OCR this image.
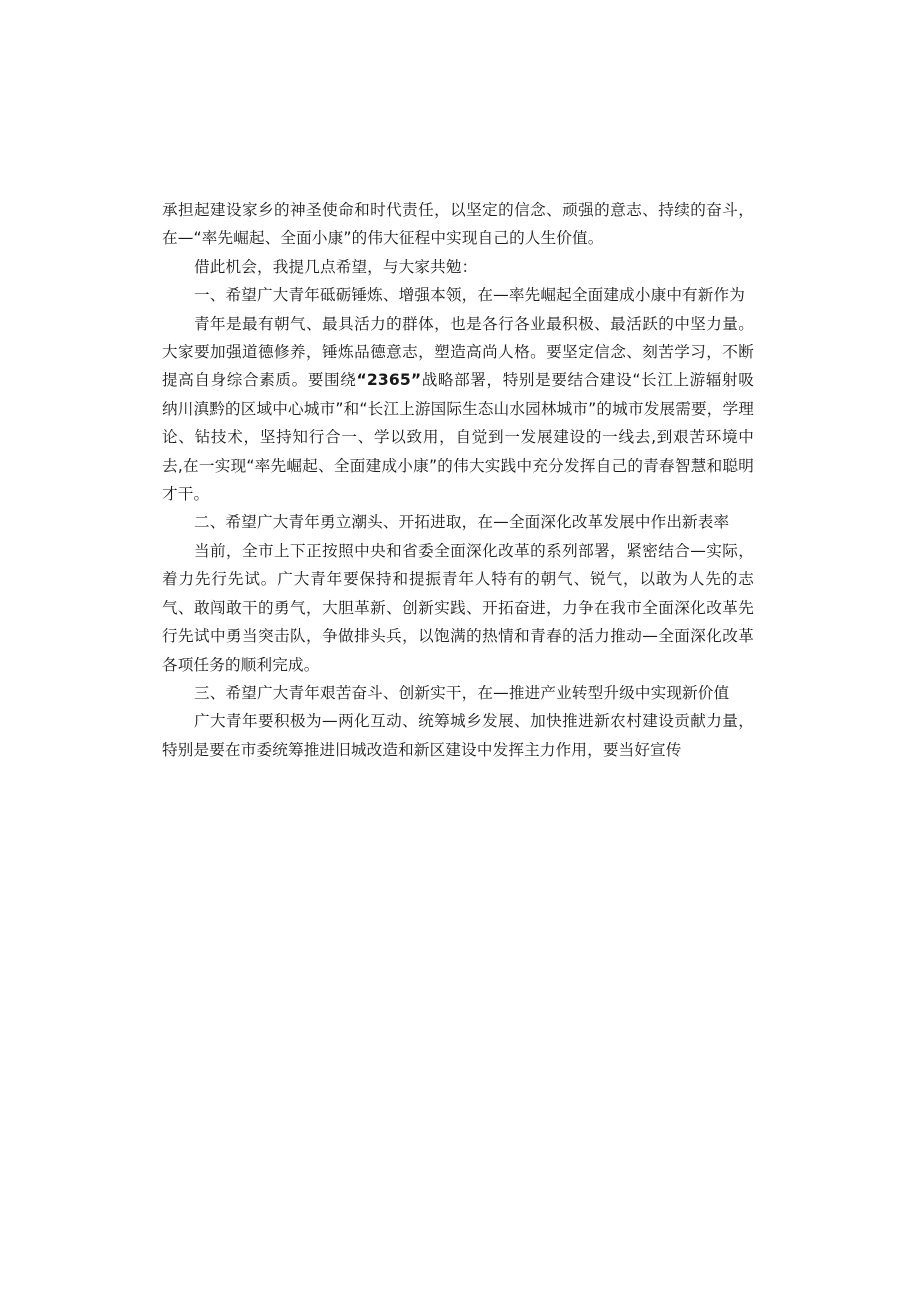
承担起建设家乡的神圣使命和时代责任，以坚定的信念、顽强的意志、持续的奋斗，在—“率先崛起、全面小康”的伟大征程中实现自己的人生价值。

借此机会，我提几点希望，与大家共勉：

一、希望广大青年砥砺锤炼、增强本领，在—率先崛起全面建成小康中有新作为

青年是最有朝气、最具活力的群体，也是各行各业最积极、最活跃的中坚力量。大家要加强道德修养，锤炼品德意志，塑造高尚人格。要坚定信念、刻苦学习，不断提高自身综合素质。要围绕“2365”战略部署，特别是要结合建设“长江上游辐射吸纳川滇黔的区域中心城市”和“长江上游国际生态山水园林城市”的城市发展需要，学理论、钻技术，坚持知行合一、学以致用，自觉到一发展建设的一线去,到艰苦环境中去,在一实现“率先崛起、全面建成小康”的伟大实践中充分发挥自己的青春智慧和聪明才干。

二、希望广大青年勇立潮头、开拓进取，在—全面深化改革发展中作出新表率

当前，全市上下正按照中央和省委全面深化改革的系列部署，紧密结合—实际，着力先行先试。广大青年要保持和提振青年人特有的朝气、锐气，以敢为人先的志气、敢闯敢干的勇气，大胆革新、创新实践、开拓奋进，力争在我市全面深化改革先行先试中勇当突击队，争做排头兵，以饱满的热情和青春的活力推动—全面深化改革各项任务的顺利完成。

三、希望广大青年艰苦奋斗、创新实干，在—推进产业转型升级中实现新价值

广大青年要积极为—两化互动、统筹城乡发展、加快推进新农村建设贡献力量，特别是要在市委统筹推进旧城改造和新区建设中发挥主力作用，要当好宣传
